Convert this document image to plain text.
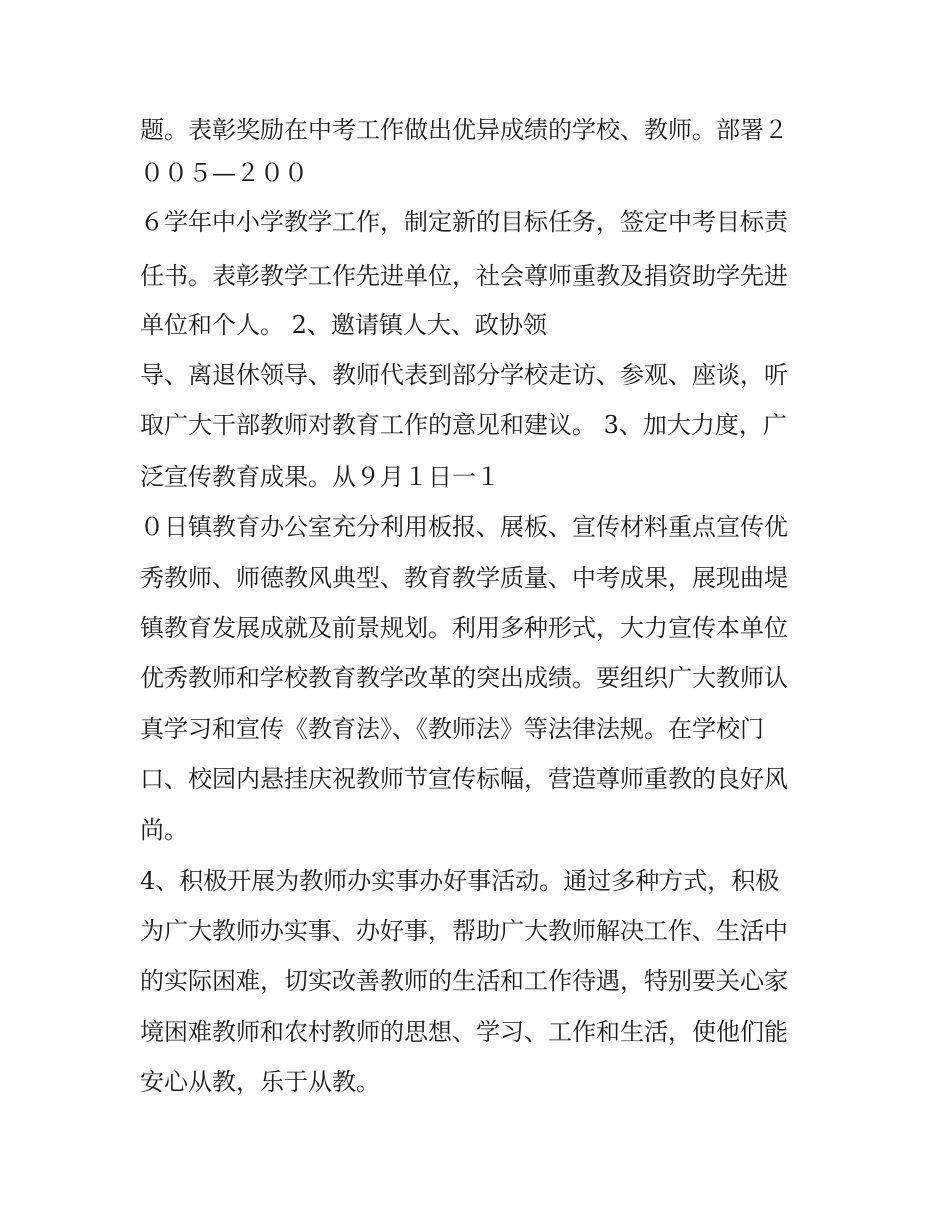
题。表彰奖励在中考工作做出优异成绩的学校、教师。部署２
００５—２００
６学年中小学教学工作，制定新的目标任务，签定中考目标责
任书。表彰教学工作先进单位，社会尊师重教及捐资助学先进
单位和个人。 2、邀请镇人大、政协领
导、离退休领导、教师代表到部分学校走访、参观、座谈，听
取广大干部教师对教育工作的意见和建议。 3、加大力度，广
泛宣传教育成果。从９月１日一１
０日镇教育办公室充分利用板报、展板、宣传材料重点宣传优
秀教师、师德教风典型、教育教学质量、中考成果，展现曲堤
镇教育发展成就及前景规划。利用多种形式，大力宣传本单位
优秀教师和学校教育教学改革的突出成绩。要组织广大教师认
真学习和宣传《教育法》、《教师法》等法律法规。在学校门
口、校园内悬挂庆祝教师节宣传标幅，营造尊师重教的良好风
尚。
4、积极开展为教师办实事办好事活动。通过多种方式，积极
为广大教师办实事、办好事，帮助广大教师解决工作、生活中
的实际困难，切实改善教师的生活和工作待遇，特别要关心家
境困难教师和农村教师的思想、学习、工作和生活，使他们能
安心从教，乐于从教。
